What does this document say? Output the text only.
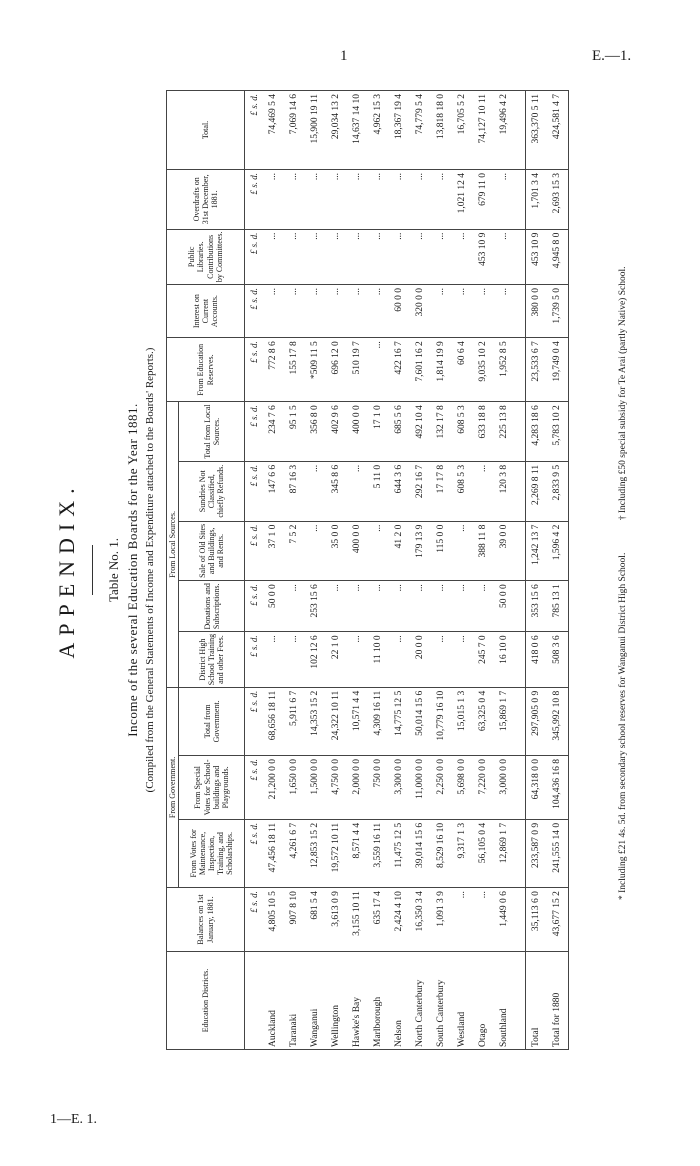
1	E.—1.
1—E. 1.
APPENDIX. Table No. 1. Income of the several Education Boards for the Year 1881. (Compiled from the General Statements of Income and Expenditure attached to the Boards' Reports.)
Education Districts.	Balances on 1st January, 1881.	From Government.			From Local Sources.					From Education Reserves.	Interest on Current Accounts.	Public Libraries. Contributions by Committees.	Overdrafts on 31st December, 1881.	Total.
		From Votes for Maintenance, Inspection, Training, and Scholarships.	From Special Votes for School-buildings and Playgrounds.	Total from Government.	District High School Training and other Fees.	Donations and Subscriptions.	Sale of Old Sites and Buildings, and Rents.	Sundries Not Classified, chiefly Refunds.	Total from Local Sources.					
	£ s. d.	£ s. d.	£ s. d.	£ s. d.	£ s. d.	£ s. d.	£ s. d.	£ s. d.	£ s. d.	£ s. d.	£ s. d.	£ s. d.	£ s. d.	£ s. d.
Auckland	4,805 10 5	47,456 18 11	21,200 0 0	68,656 18 11	...	50 0 0	37 1 0	147 6 6	234 7 6	772 8 6	...	...	...	74,469 5 4
Taranaki	907 8 10	4,261 6 7	1,650 0 0	5,911 6 7	...	...	7 5 2	87 16 3	95 1 5	155 17 8	...	...	...	7,069 14 6
Wanganui	681 5 4	12,853 15 2	1,500 0 0	14,353 15 2	102 12 6	253 15 6	...	...	356 8 0	*509 11 5	...	...	...	15,900 19 11
Wellington	3,613 0 9	19,572 10 11	4,750 0 0	24,322 10 11	22 1 0	...	35 0 0	345 8 6	402 9 6	696 12 0	...	...	...	29,034 13 2
Hawke's Bay	3,155 10 11	8,571 4 4	2,000 0 0	10,571 4 4	...	...	400 0 0	...	400 0 0	510 19 7	...	...	...	14,637 14 10
Marlborough	635 17 4	3,559 16 11	750 0 0	4,309 16 11	11 10 0	...	...	5 11 0	17 1 0	...	...	...	...	4,962 15 3
Nelson	2,424 4 10	11,475 12 5	3,300 0 0	14,775 12 5	...	...	41 2 0	644 3 6	685 5 6	422 16 7	60 0 0	...	...	18,367 19 4
North Canterbury	16,350 3 4	39,014 15 6	11,000 0 0	50,014 15 6	20 0 0	...	179 13 9	292 16 7	492 10 4	7,601 16 2	320 0 0	...	...	74,779 5 4
South Canterbury	1,091 3 9	8,529 16 10	2,250 0 0	10,779 16 10	...	...	115 0 0	17 17 8	132 17 8	1,814 19 9	...	...	...	13,818 18 0
Westland	...	9,317 1 3	5,698 0 0	15,015 1 3	...	...	...	608 5 3	608 5 3	60 6 4	...	...	1,021 12 4	16,705 5 2
Otago	...	56,105 0 4	7,220 0 0	63,325 0 4	245 7 0	...	388 11 8	...	633 18 8	9,035 10 2	...	453 10 9	679 11 0	74,127 10 11
Southland	1,449 0 6	12,869 1 7	3,000 0 0	15,869 1 7	16 10 0	50 0 0	39 0 0	120 3 8	225 13 8	1,952 8 5	...	...	...	19,496 4 2

Total	35,113 6 0	233,587 0 9	64,318 0 0	297,905 0 9	418 0 6	353 15 6	1,242 13 7	2,269 8 11	4,283 18 6	23,533 6 7	380 0 0	453 10 9	1,701 3 4	363,370 5 11
Total for 1880	43,677 15 2	241,555 14 0	104,436 16 8	345,992 10 8	508 3 6	785 13 1	1,596 4 2	2,833 9 5	5,783 10 2	19,749 0 4	1,739 5 0	4,945 8 0	2,693 15 3	424,581 4 7
* Including £21 4s. 5d. from secondary school reserves for Wanganui District High School. † Including £50 special subsidy for Te Arai (partly Native) School.
